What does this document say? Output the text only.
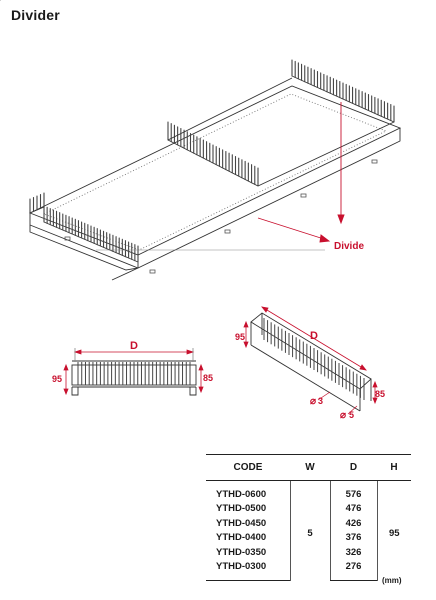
Divider
Divide
D
95	85
D
95
85
⌀ 3
⌀ 5
CODE	W	D	H
YTHD-0600	5	576	95
YTHD-0500		476	
YTHD-0450		426	
YTHD-0400		376	
YTHD-0350		326	
YTHD-0300		276	
(mm)
